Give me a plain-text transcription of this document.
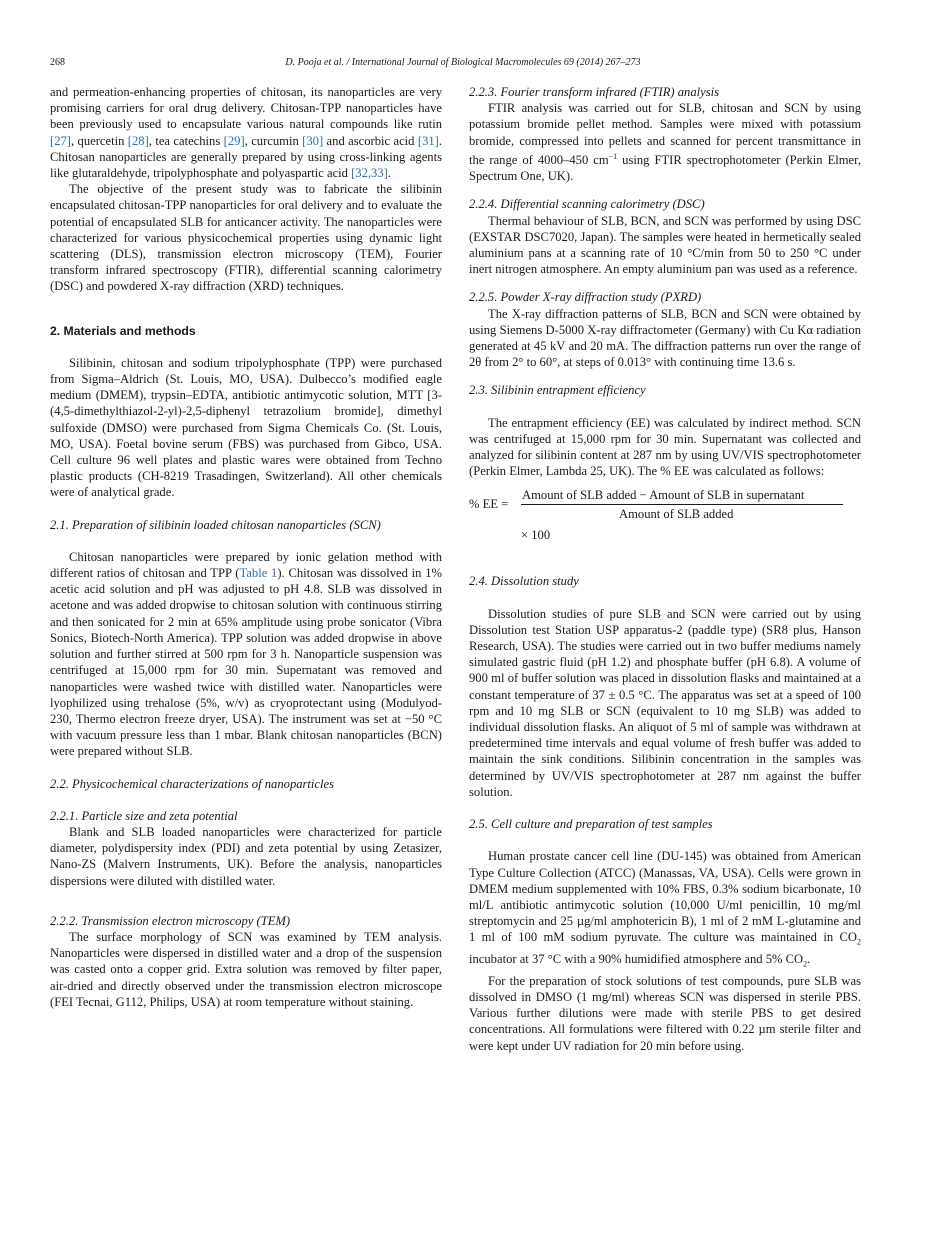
268	D. Pooja et al. / International Journal of Biological Macromolecules 69 (2014) 267–273

and permeation-enhancing properties of chitosan, its nanoparticles are very promising carriers for oral drug delivery. Chitosan-TPP nanoparticles have been previously used to encapsulate various natural compounds like rutin [27], quercetin [28], tea catechins [29], curcumin [30] and ascorbic acid [31]. Chitosan nanoparticles are generally prepared by using cross-linking agents like glutaraldehyde, tripolyphosphate and polyaspartic acid [32,33].

The objective of the present study was to fabricate the silibinin encapsulated chitosan-TPP nanoparticles for oral delivery and to evaluate the potential of encapsulated SLB for anticancer activity. The nanoparticles were characterized for various physicochemical properties using dynamic light scattering (DLS), transmission electron microscopy (TEM), Fourier transform infrared spectroscopy (FTIR), differential scanning calorimetry (DSC) and powdered X-ray diffraction (XRD) techniques.

2. Materials and methods

Silibinin, chitosan and sodium tripolyphosphate (TPP) were purchased from Sigma–Aldrich (St. Louis, MO, USA). Dulbecco’s modified eagle medium (DMEM), trypsin–EDTA, antibiotic antimycotic solution, MTT [3-(4,5-dimethylthiazol-2-yl)-2,5-diphenyl tetrazolium bromide], dimethyl sulfoxide (DMSO) were purchased from Sigma Chemicals Co. (St. Louis, MO, USA). Foetal bovine serum (FBS) was purchased from Gibco, USA. Cell culture 96 well plates and plastic wares were obtained from Techno plastic products (CH-8219 Trasadingen, Switzerland). All other chemicals were of analytical grade.

2.1. Preparation of silibinin loaded chitosan nanoparticles (SCN)

Chitosan nanoparticles were prepared by ionic gelation method with different ratios of chitosan and TPP (Table 1). Chitosan was dissolved in 1% acetic acid solution and pH was adjusted to pH 4.8. SLB was dissolved in acetone and was added dropwise to chitosan solution with continuous stirring and then sonicated for 2 min at 65% amplitude using probe sonicator (Vibra Sonics, Biotech-North America). TPP solution was added dropwise in above solution and further stirred at 500 rpm for 3 h. Nanoparticle suspension was centrifuged at 15,000 rpm for 30 min. Supernatant was removed and nanoparticles were washed twice with distilled water. Nanoparticles were lyophilized using trehalose (5%, w/v) as cryoprotectant using (Modulyod-230, Thermo electron freeze dryer, USA). The instrument was set at −50 °C with vacuum pressure less than 1 mbar. Blank chitosan nanoparticles (BCN) were prepared without SLB.

2.2. Physicochemical characterizations of nanoparticles
2.2.1. Particle size and zeta potential

Blank and SLB loaded nanoparticles were characterized for particle diameter, polydispersity index (PDI) and zeta potential by using Zetasizer, Nano-ZS (Malvern Instruments, UK). Before the analysis, nanoparticles dispersions were diluted with distilled water.

2.2.2. Transmission electron microscopy (TEM)

The surface morphology of SCN was examined by TEM analysis. Nanoparticles were dispersed in distilled water and a drop of the suspension was casted onto a copper grid. Extra solution was removed by filter paper, air-dried and directly observed under the transmission electron microscope (FEI Tecnai, G112, Philips, USA) at room temperature without staining.

2.2.3. Fourier transform infrared (FTIR) analysis

FTIR analysis was carried out for SLB, chitosan and SCN by using potassium bromide pellet method. Samples were mixed with potassium bromide, compressed into pellets and scanned for percent transmittance in the range of 4000–450 $cm^{-1}$ using FTIR spectrophotometer (Perkin Elmer, Spectrum One, UK).

2.2.4. Differential scanning calorimetry (DSC)

Thermal behaviour of SLB, BCN, and SCN was performed by using DSC (EXSTAR DSC7020, Japan). The samples were heated in hermetically sealed aluminium pans at a scanning rate of 10 °C/min from 50 to 250 °C under inert nitrogen atmosphere. An empty aluminium pan was used as a reference.

2.2.5. Powder X-ray diffraction study (PXRD)

The X-ray diffraction patterns of SLB, BCN and SCN were obtained by using Siemens D-5000 X-ray diffractometer (Germany) with Cu Kα radiation generated at 45 kV and 20 mA. The diffraction patterns run over the range of 2θ from 2° to 60°, at steps of 0.013° with continuing time 13.6 s.

2.3. Silibinin entrapment efficiency

The entrapment efficiency (EE) was calculated by indirect method. SCN was centrifuged at 15,000 rpm for 30 min. Supernatant was collected and analyzed for silibinin content at 287 nm by using UV/VIS spectrophotometer (Perkin Elmer, Lambda 25, UK). The % EE was calculated as follows:

% EE =
Amount of SLB added − Amount of SLB in supernatant
Amount of SLB added
× 100
2.4. Dissolution study

Dissolution studies of pure SLB and SCN were carried out by using Dissolution test Station USP apparatus-2 (paddle type) (SR8 plus, Hanson Research, USA). The studies were carried out in two buffer mediums namely simulated gastric fluid (pH 1.2) and phosphate buffer (pH 6.8). A volume of 900 ml of buffer solution was placed in dissolution flasks and maintained at a constant temperature of 37 ± 0.5 °C. The apparatus was set at a speed of 100 rpm and 10 mg SLB or SCN (equivalent to 10 mg SLB) was added to individual dissolution flasks. An aliquot of 5 ml of sample was withdrawn at predetermined time intervals and equal volume of fresh buffer was added to maintain the sink conditions. Silibinin concentration in the samples was determined by UV/VIS spectrophotometer at 287 nm against the buffer solution.

2.5. Cell culture and preparation of test samples

Human prostate cancer cell line (DU-145) was obtained from American Type Culture Collection (ATCC) (Manassas, VA, USA). Cells were grown in DMEM medium supplemented with 10% FBS, 0.3% sodium bicarbonate, 10 ml/L antibiotic antimycotic solution (10,000 U/ml penicillin, 10 mg/ml streptomycin and 25 µg/ml amphotericin B), 1 ml of 2 mM L-glutamine and 1 ml of 100 mM sodium pyruvate. The culture was maintained in $CO_2$ incubator at 37 °C with a 90% humidified atmosphere and 5% $CO_2$.

For the preparation of stock solutions of test compounds, pure SLB was dissolved in DMSO (1 mg/ml) whereas SCN was dispersed in sterile PBS. Various further dilutions were made with sterile PBS to get desired concentrations. All formulations were filtered with 0.22 µm sterile filter and were kept under UV radiation for 20 min before using.
